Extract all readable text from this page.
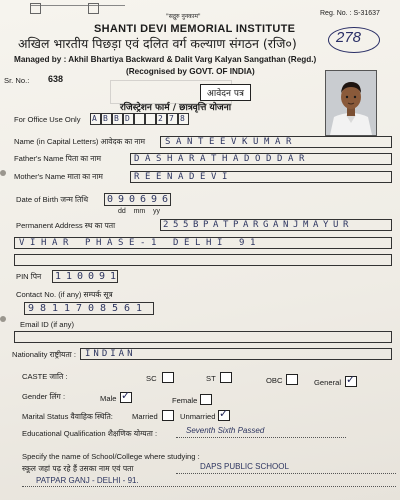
"सद्गुरु नुनकाम"	Reg. No. : S-31637
SHANTI DEVI MEMORIAL INSTITUTE
अखिल भारतीय पिछड़ा एवं दलित वर्ग कल्याण संगठन (रजि०)	278
Managed by : Akhil Bhartiya Backward & Dalit Varg Kalyan Sangathan (Regd.)
(Recognised by GOVT. OF INDIA)
Sr. No.: 638
आवेदन पत्र
रजिस्ट्रेशन फार्म / छात्रवृत्ति योजना
For Office Use Only A B B D	2 7 8
Name (in Capital Letters) आवेदक का नाम S A N T E E V K U M A R
Father's Name पिता का नाम	D A S H A R A T H A D O D D A R
Mother's Name माता का नाम	R E E N A D E V I
Date of Birth जन्म तिथि 0 9 0 6 9 6
dd    mm    yy
Permanent Address स्थ का पता	2 5 5 B P A T P A R G A N J M A Y U R
V I H A R P H A S E - 1 D E L H I 9 1
PIN पिन 1 1 0 0 9 1
Contact No. (if any) सम्पर्क सूत्र
9 8 1 1 7 0 8 5 6 1
Email ID (if any)
Nationality राष्ट्रीयता : INDIAN
CASTE जाति :	SC	ST	OBC	General ✓
Gender लिंग :	Male ✓	Female
Marital Status वैवाहिक स्थिति:	Married	Unmarried ✓
Educational Qualification शैक्षणिक योग्यता :	Seventh Sixth Passed
Specify the name of School/College where studying :
स्कूल जहां पढ़ रहे हैं उसका नाम एवं पता	DAPS PUBLIC SCHOOL
PATPAR GANJ - DELHI - 91.
